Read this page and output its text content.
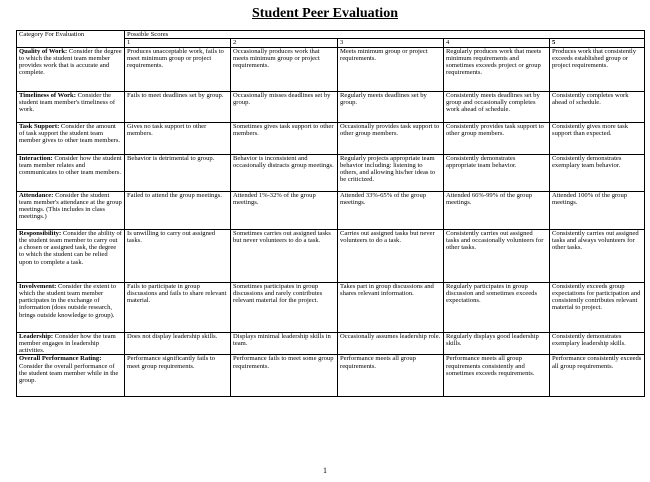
Student Peer Evaluation
Category For Evaluation	Possible Scores				
	1	2	3	4	5
Quality of Work: Consider the degree to which the student team member provides work that is accurate and complete.	Produces unacceptable work, fails to meet minimum group or project requirements.	Occasionally produces work that meets minimum group or project requirements.	Meets minimum group or project requirements.	Regularly produces work that meets minimum requirements and sometimes exceeds project or group requirements.	Produces work that consistently exceeds established group or project requirements.
Timeliness of Work: Consider the student team member's timeliness of work.	Fails to meet deadlines set by group.	Occasionally misses deadlines set by group.	Regularly meets deadlines set by group.	Consistently meets deadlines set by group and occasionally completes work ahead of schedule.	Consistently completes work ahead of schedule.
Task Support: Consider the amount of task support the student team member gives to other team members.	Gives no task support to other members.	Sometimes gives task support to other members.	Occasionally provides task support to other group members.	Consistently provides task support to other group members.	Consistently gives more task support than expected.
Interaction: Consider how the student team member relates and communicates to other team members.	Behavior is detrimental to group.	Behavior is inconsistent and occasionally distracts group meetings.	Regularly projects appropriate team behavior including: listening to others, and allowing his/her ideas to be criticized.	Consistently demonstrates appropriate team behavior.	Consistently demonstrates exemplary team behavior.
Attendance: Consider the student team member's attendance at the group meetings. (This includes in class meetings.)	Failed to attend the group meetings.	Attended 1%-32% of the group meetings.	Attended 33%-65% of the group meetings.	Attended 66%-99% of the group meetings.	Attended 100% of the group meetings.
Responsibility: Consider the ability of the student team member to carry out a chosen or assigned task, the degree to which the student can be relied upon to complete a task.	Is unwilling to carry out assigned tasks.	Sometimes carries out assigned tasks but never volunteers to do a task.	Carries out assigned tasks but never volunteers to do a task.	Consistently carries out assigned tasks and occasionally volunteers for other tasks.	Consistently carries out assigned tasks and always volunteers for other tasks.
Involvement: Consider the extent to which the student team member participates in the exchange of information (does outside research, brings outside knowledge to group).	Fails to participate in group discussions and fails to share relevant material.	Sometimes participates in group discussions and rarely contributes relevant material for the project.	Takes part in group discussions and shares relevant information.	Regularly participates in group discussion and sometimes exceeds expectations.	Consistently exceeds group expectations for participation and consistently contributes relevant material to project.
Leadership: Consider how the team member engages in leadership activities.	Does not display leadership skills.	Displays minimal leadership skills in team.	Occasionally assumes leadership role.	Regularly displays good leadership skills.	Consistently demonstrates exemplary leadership skills.
Overall Performance Rating: Consider the overall performance of the student team member while in the group.	Performance significantly fails to meet group requirements.	Performance fails to meet some group requirements.	Performance meets all group requirements.	Performance meets all group requirements consistently and sometimes exceeds requirements.	Performance consistently exceeds all group requirements.

1
